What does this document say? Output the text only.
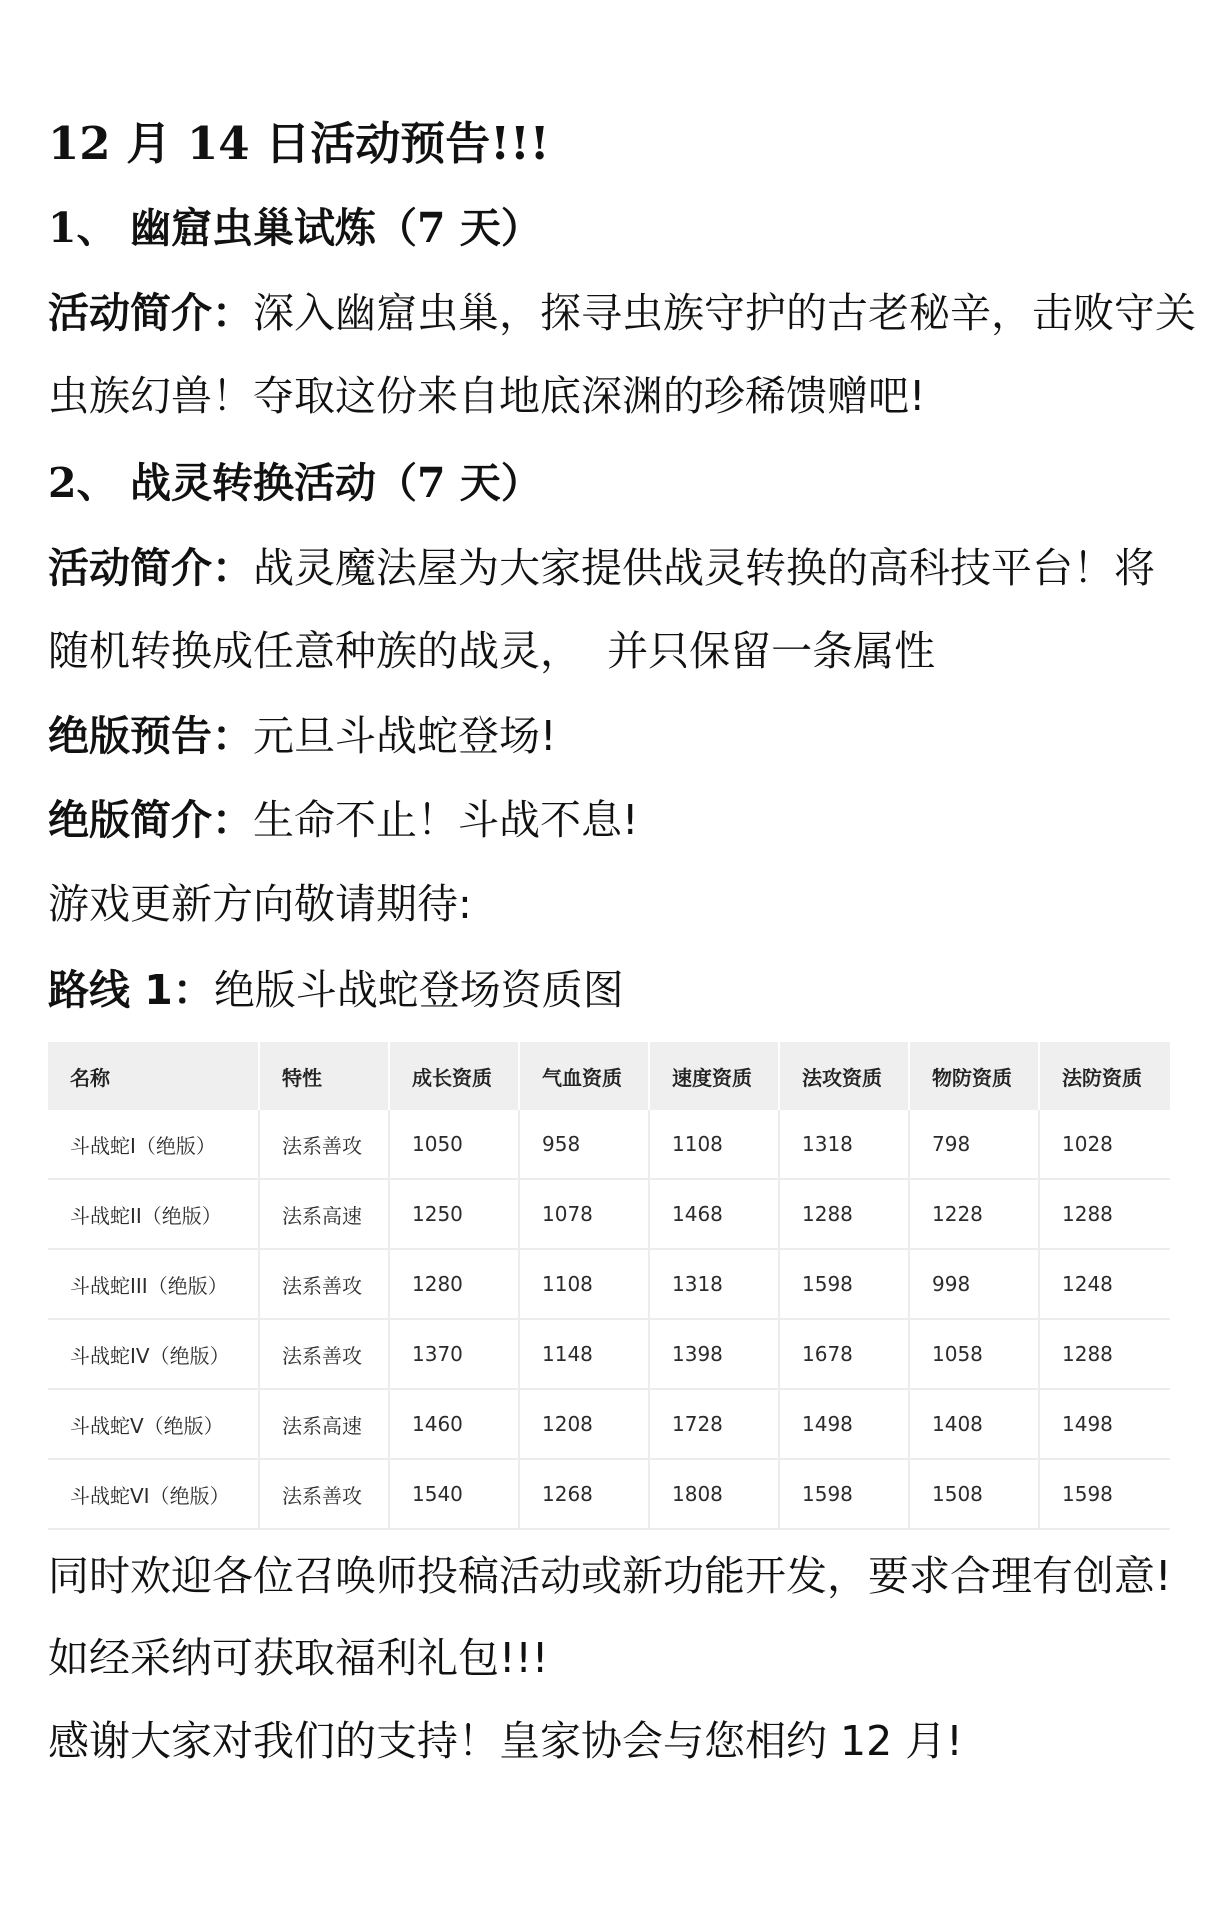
12 月 14 日活动预告!!!
1、 幽窟虫巢试炼（7 天）
活动简介：深入幽窟虫巢，探寻虫族守护的古老秘辛，击败守关
虫族幻兽！夺取这份来自地底深渊的珍稀馈赠吧!
2、 战灵转换活动（7 天）
活动简介：战灵魔法屋为大家提供战灵转换的高科技平台！将
随机转换成任意种族的战灵，  并只保留一条属性
绝版预告：元旦斗战蛇登场!
绝版简介：生命不止！斗战不息!
游戏更新方向敬请期待:
路线 1：绝版斗战蛇登场资质图
名称	特性	成长资质	气血资质	速度资质	法攻资质	物防资质	法防资质
斗战蛇I（绝版）	法系善攻	1050	958	1108	1318	798	1028
斗战蛇II（绝版）	法系高速	1250	1078	1468	1288	1228	1288
斗战蛇III（绝版）	法系善攻	1280	1108	1318	1598	998	1248
斗战蛇IV（绝版）	法系善攻	1370	1148	1398	1678	1058	1288
斗战蛇V（绝版）	法系高速	1460	1208	1728	1498	1408	1498
斗战蛇VI（绝版）	法系善攻	1540	1268	1808	1598	1508	1598
同时欢迎各位召唤师投稿活动或新功能开发，要求合理有创意!
如经采纳可获取福利礼包!!!
感谢大家对我们的支持！皇家协会与您相约 12 月!
